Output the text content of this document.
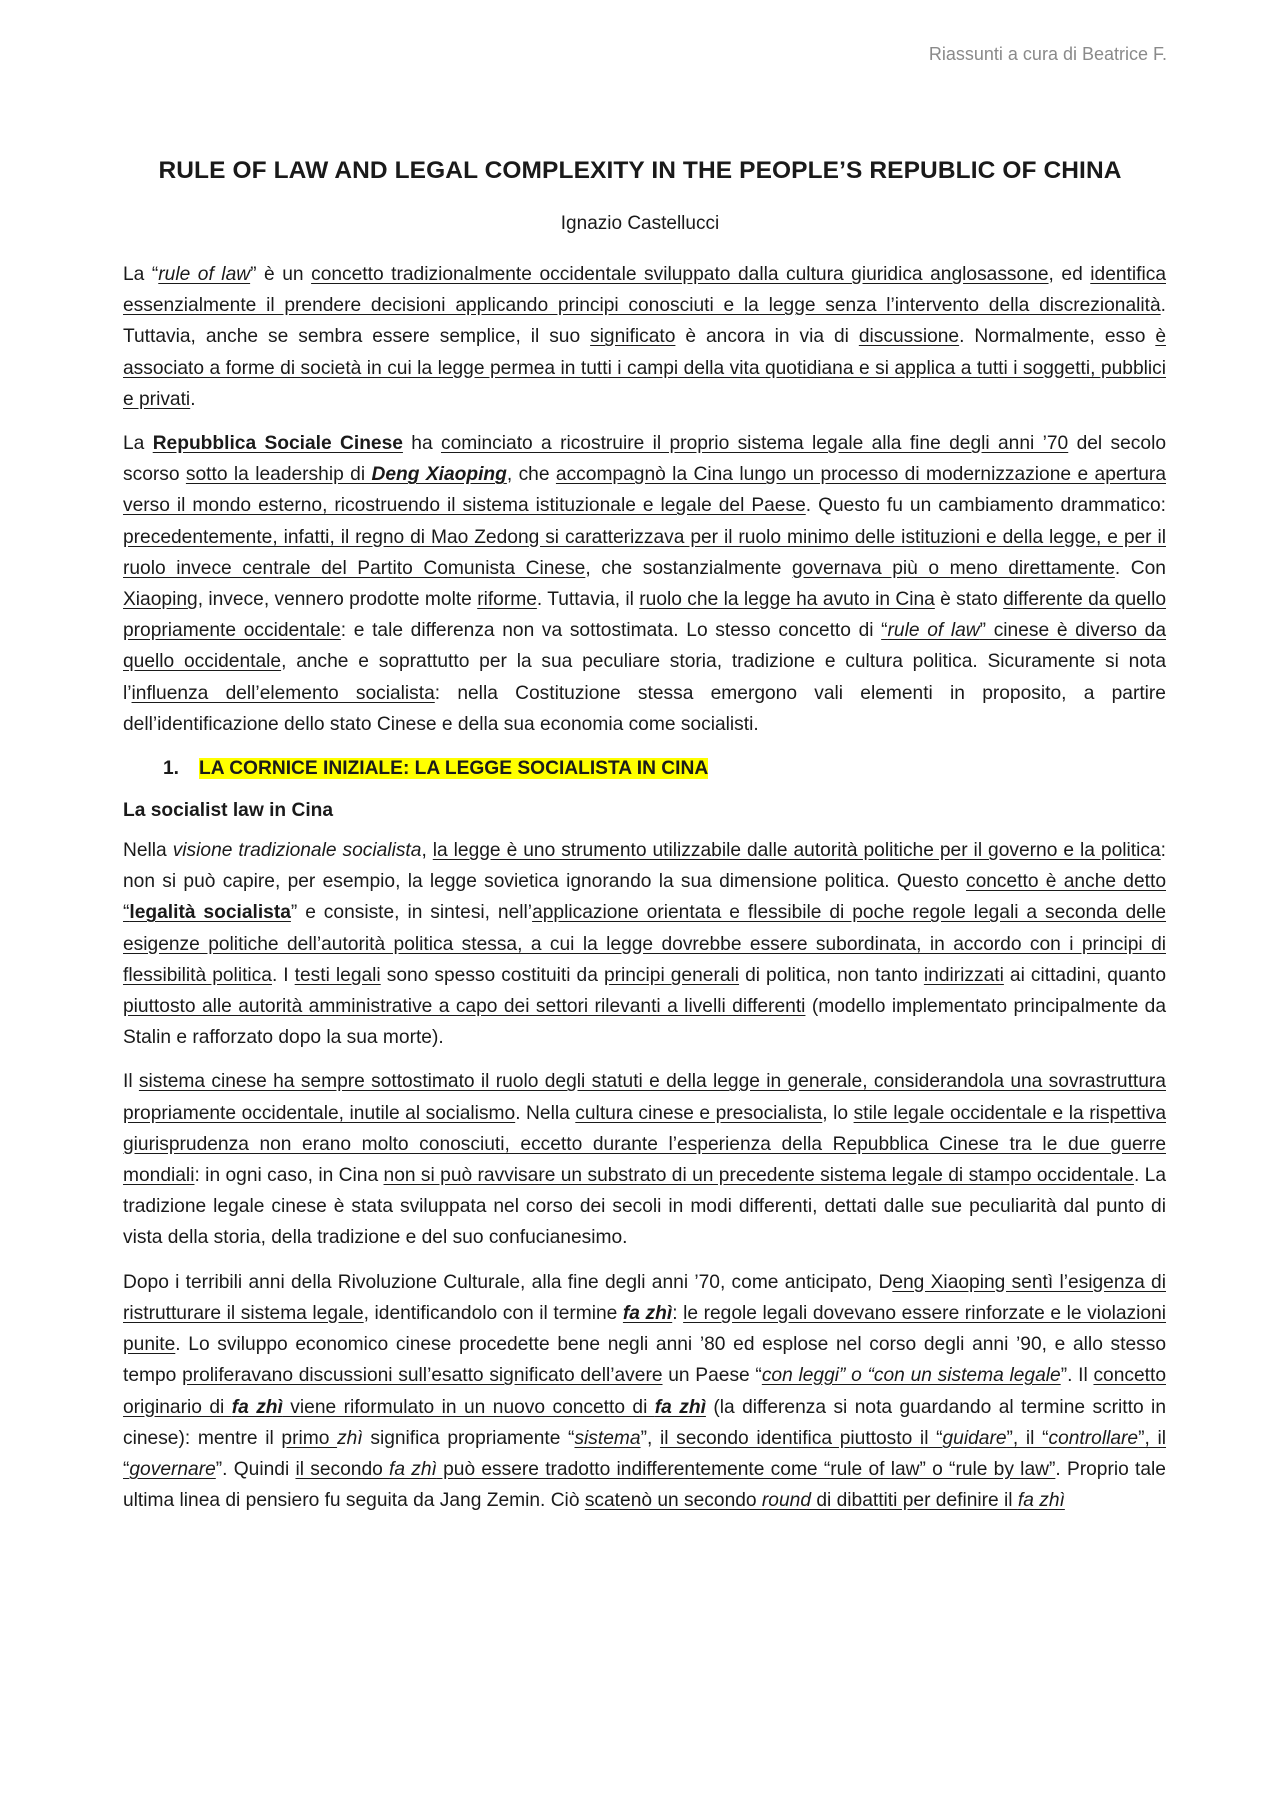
Riassunti a cura di Beatrice F.
RULE OF LAW AND LEGAL COMPLEXITY IN THE PEOPLE’S REPUBLIC OF CHINA
Ignazio Castellucci

La “rule of law” è un concetto tradizionalmente occidentale sviluppato dalla cultura giuridica anglosassone, ed identifica essenzialmente il prendere decisioni applicando principi conosciuti e la legge senza l’intervento della discrezionalità. Tuttavia, anche se sembra essere semplice, il suo significato è ancora in via di discussione. Normalmente, esso è associato a forme di società in cui la legge permea in tutti i campi della vita quotidiana e si applica a tutti i soggetti, pubblici e privati.

La Repubblica Sociale Cinese ha cominciato a ricostruire il proprio sistema legale alla fine degli anni ’70 del secolo scorso sotto la leadership di Deng Xiaoping, che accompagnò la Cina lungo un processo di modernizzazione e apertura verso il mondo esterno, ricostruendo il sistema istituzionale e legale del Paese. Questo fu un cambiamento drammatico: precedentemente, infatti, il regno di Mao Zedong si caratterizzava per il ruolo minimo delle istituzioni e della legge, e per il ruolo invece centrale del Partito Comunista Cinese, che sostanzialmente governava più o meno direttamente. Con Xiaoping, invece, vennero prodotte molte riforme. Tuttavia, il ruolo che la legge ha avuto in Cina è stato differente da quello propriamente occidentale: e tale differenza non va sottostimata. Lo stesso concetto di “rule of law” cinese è diverso da quello occidentale, anche e soprattutto per la sua peculiare storia, tradizione e cultura politica. Sicuramente si nota l’influenza dell’elemento socialista: nella Costituzione stessa emergono vali elementi in proposito, a partire dell’identificazione dello stato Cinese e della sua economia come socialisti.

1. LA CORNICE INIZIALE: LA LEGGE SOCIALISTA IN CINA
La socialist law in Cina

Nella visione tradizionale socialista, la legge è uno strumento utilizzabile dalle autorità politiche per il governo e la politica: non si può capire, per esempio, la legge sovietica ignorando la sua dimensione politica. Questo concetto è anche detto “legalità socialista” e consiste, in sintesi, nell’applicazione orientata e flessibile di poche regole legali a seconda delle esigenze politiche dell’autorità politica stessa, a cui la legge dovrebbe essere subordinata, in accordo con i principi di flessibilità politica. I testi legali sono spesso costituiti da principi generali di politica, non tanto indirizzati ai cittadini, quanto piuttosto alle autorità amministrative a capo dei settori rilevanti a livelli differenti (modello implementato principalmente da Stalin e rafforzato dopo la sua morte).

Il sistema cinese ha sempre sottostimato il ruolo degli statuti e della legge in generale, considerandola una sovrastruttura propriamente occidentale, inutile al socialismo. Nella cultura cinese e presocialista, lo stile legale occidentale e la rispettiva giurisprudenza non erano molto conosciuti, eccetto durante l’esperienza della Repubblica Cinese tra le due guerre mondiali: in ogni caso, in Cina non si può ravvisare un substrato di un precedente sistema legale di stampo occidentale. La tradizione legale cinese è stata sviluppata nel corso dei secoli in modi differenti, dettati dalle sue peculiarità dal punto di vista della storia, della tradizione e del suo confucianesimo.

Dopo i terribili anni della Rivoluzione Culturale, alla fine degli anni ’70, come anticipato, Deng Xiaoping sentì l’esigenza di ristrutturare il sistema legale, identificandolo con il termine fa zhì: le regole legali dovevano essere rinforzate e le violazioni punite. Lo sviluppo economico cinese procedette bene negli anni ’80 ed esplose nel corso degli anni ’90, e allo stesso tempo proliferavano discussioni sull’esatto significato dell’avere un Paese “con leggi” o “con un sistema legale”. Il concetto originario di fa zhì viene riformulato in un nuovo concetto di fa zhì (la differenza si nota guardando al termine scritto in cinese): mentre il primo zhì significa propriamente “sistema”, il secondo identifica piuttosto il “guidare”, il “controllare”, il “governare”. Quindi il secondo fa zhì può essere tradotto indifferentemente come “rule of law” o “rule by law”. Proprio tale ultima linea di pensiero fu seguita da Jang Zemin. Ciò scatenò un secondo round di dibattiti per definire il fa zhì
